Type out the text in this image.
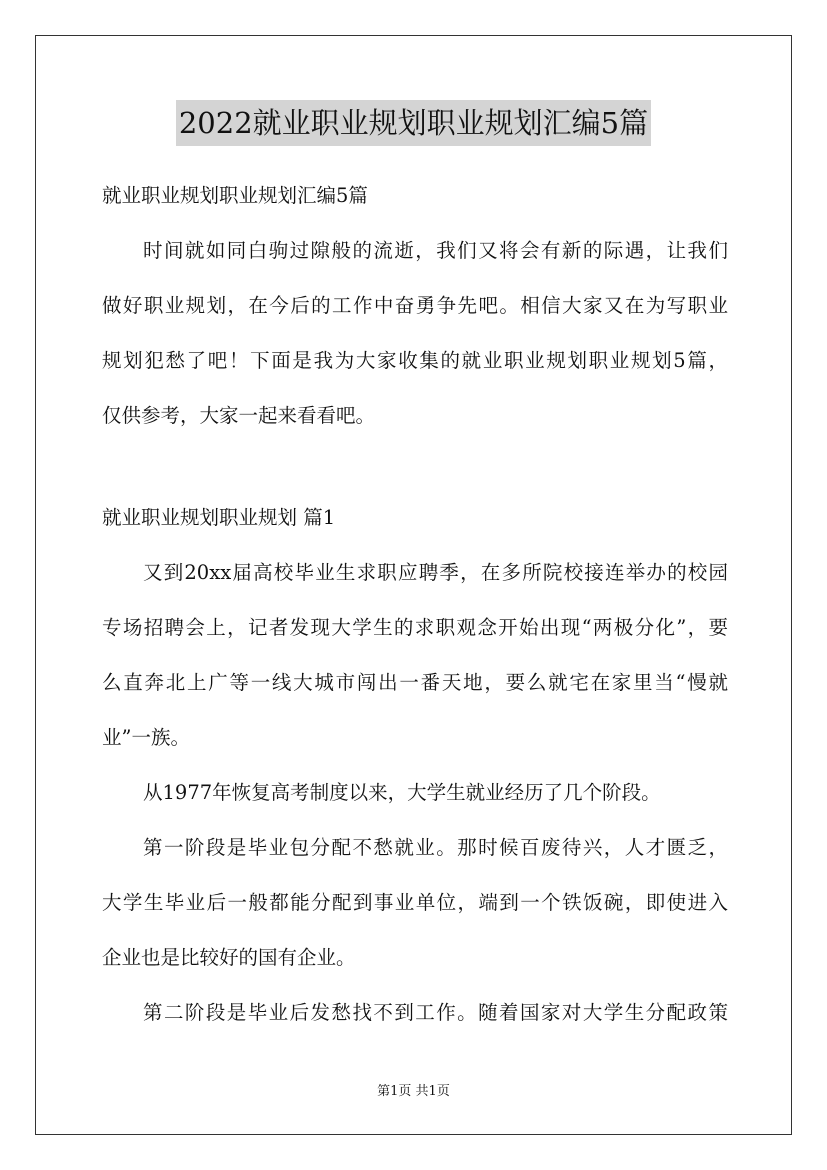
2022就业职业规划职业规划汇编5篇
就业职业规划职业规划汇编5篇
时间就如同白驹过隙般的流逝，我们又将会有新的际遇，让我们
做好职业规划，在今后的工作中奋勇争先吧。相信大家又在为写职业
规划犯愁了吧！下面是我为大家收集的就业职业规划职业规划5篇，
仅供参考，大家一起来看看吧。
就业职业规划职业规划 篇1
又到20xx届高校毕业生求职应聘季，在多所院校接连举办的校园
专场招聘会上，记者发现大学生的求职观念开始出现“两极分化”，要
么直奔北上广等一线大城市闯出一番天地，要么就宅在家里当“慢就
业”一族。
从1977年恢复高考制度以来，大学生就业经历了几个阶段。
第一阶段是毕业包分配不愁就业。那时候百废待兴，人才匮乏，
大学生毕业后一般都能分配到事业单位，端到一个铁饭碗，即使进入
企业也是比较好的国有企业。
第二阶段是毕业后发愁找不到工作。随着国家对大学生分配政策
第1页 共1页
